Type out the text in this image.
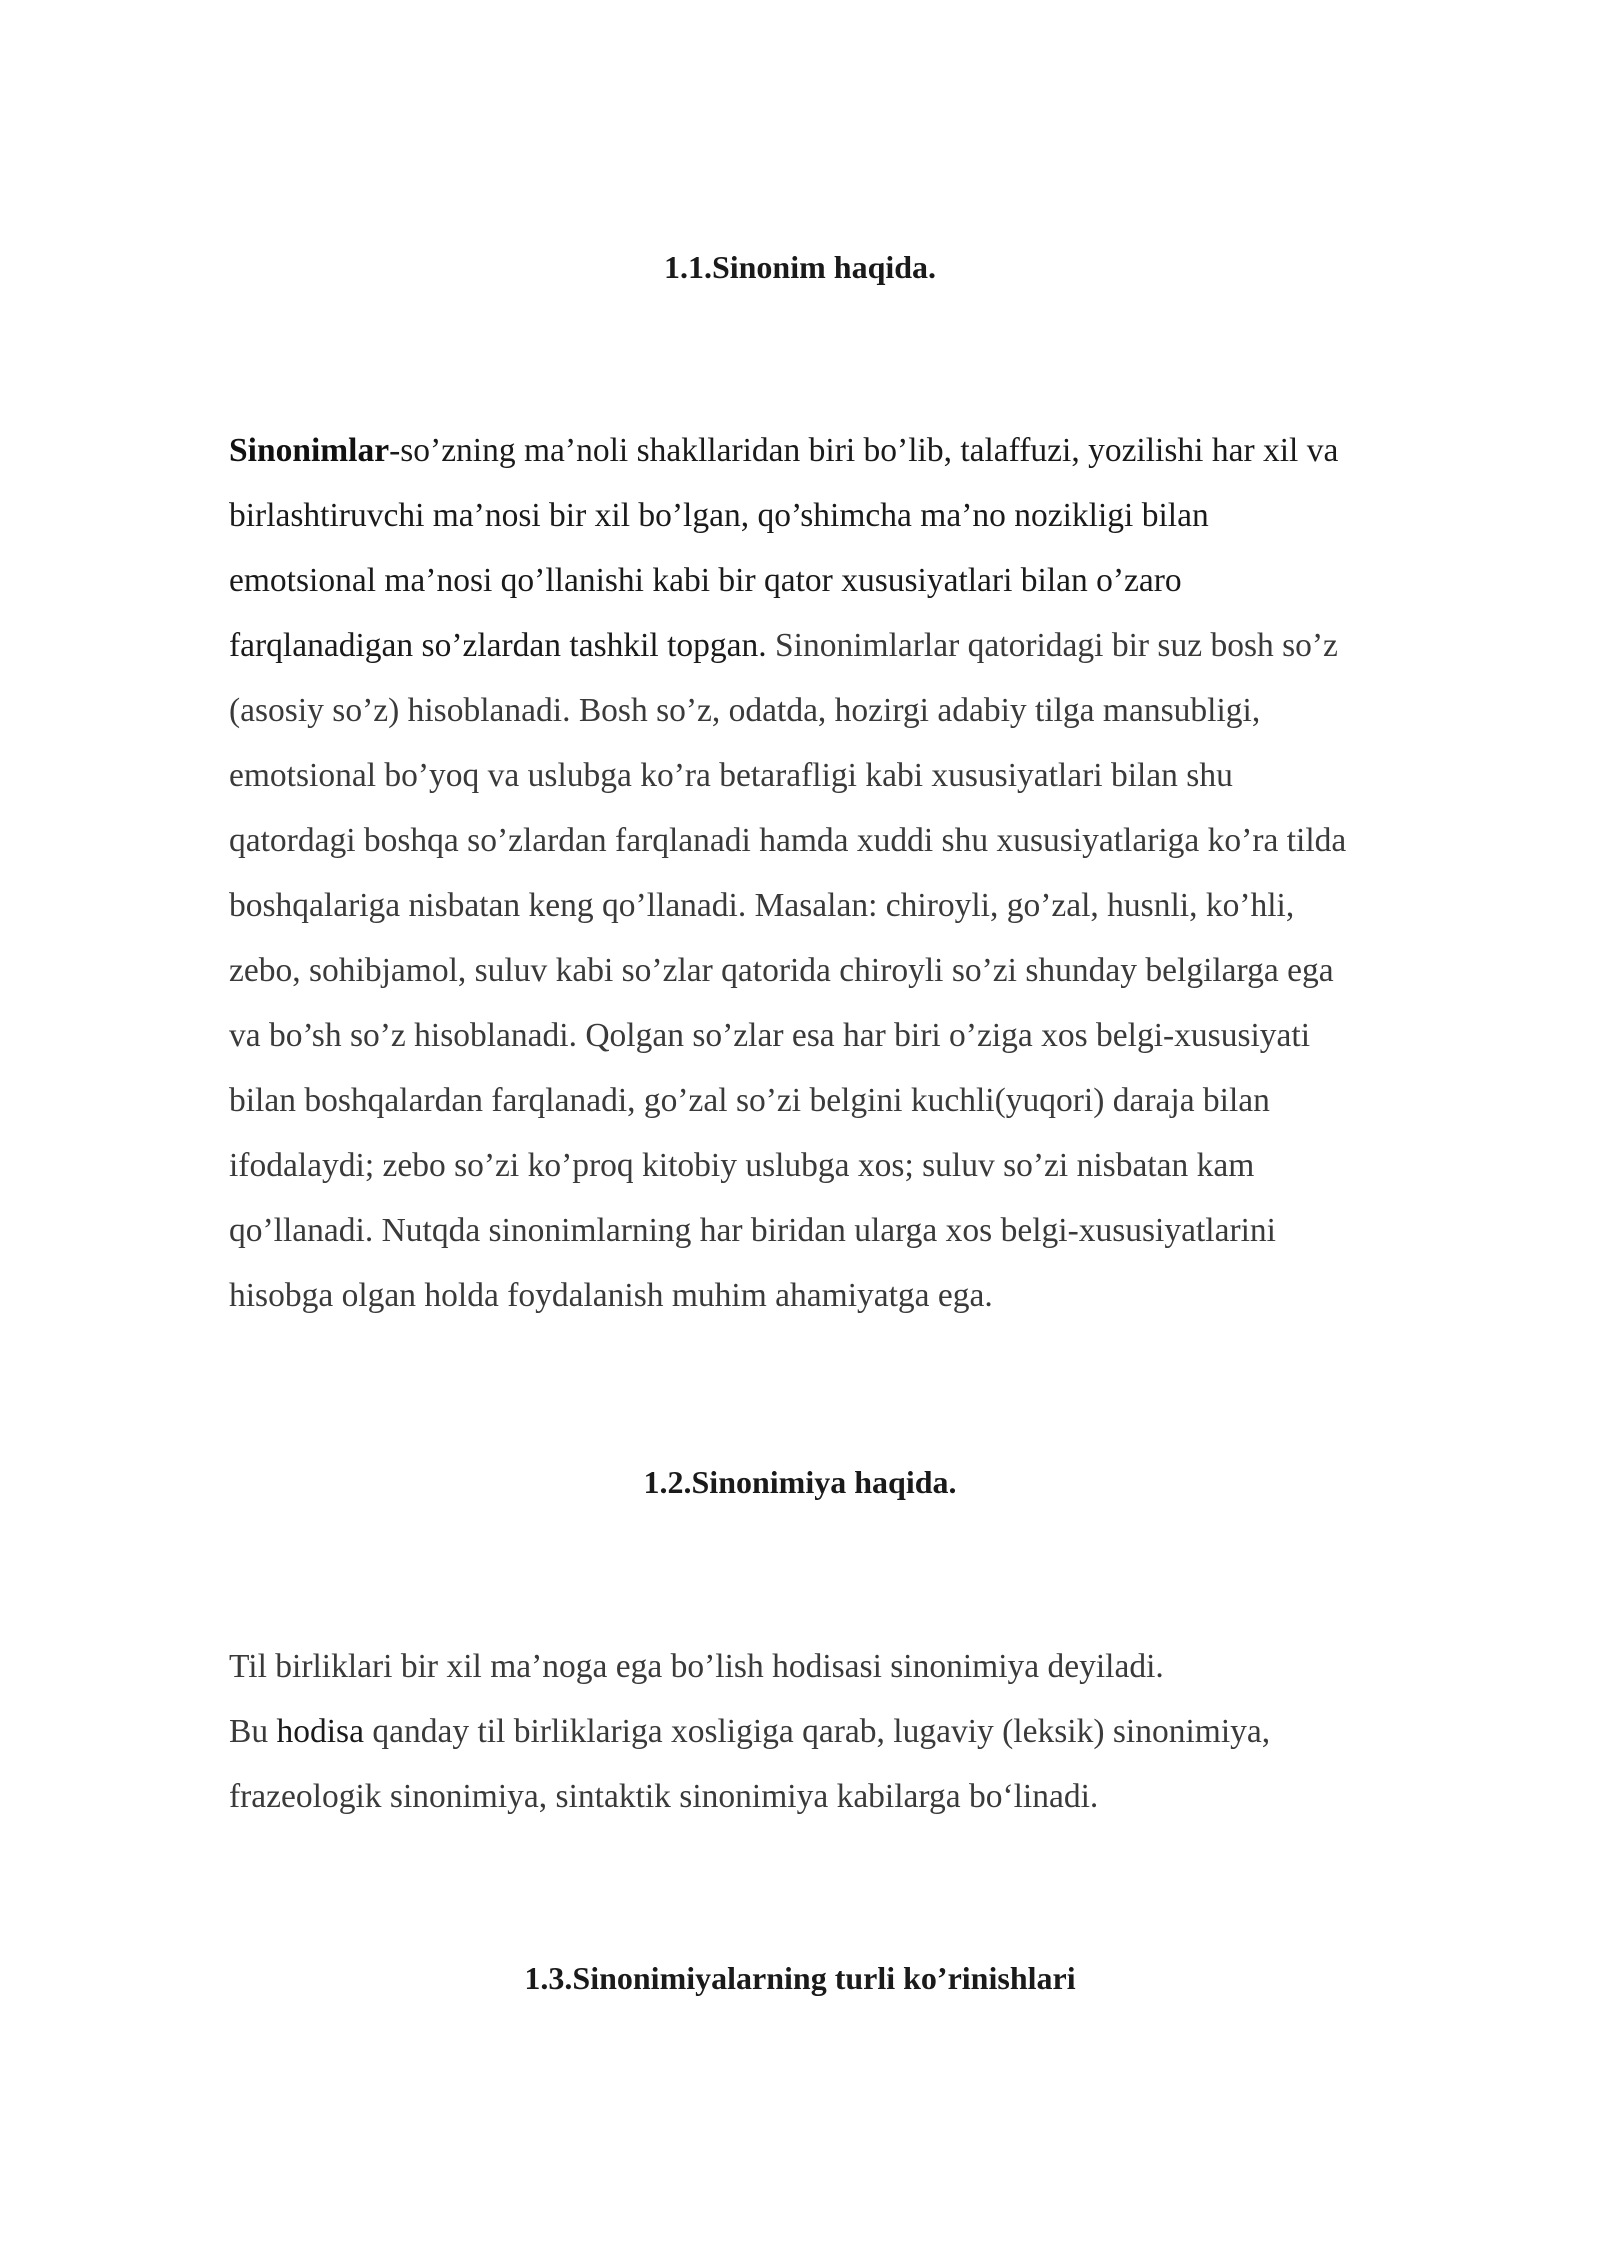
1.1.Sinonim haqida.
Sinonimlar-so’zning ma’noli shakllaridan biri bo’lib, talaffuzi, yozilishi har xil va
birlashtiruvchi ma’nosi bir xil bo’lgan, qo’shimcha ma’no nozikligi bilan
emotsional ma’nosi qo’llanishi kabi bir qator xususiyatlari bilan o’zaro
farqlanadigan so’zlardan tashkil topgan. Sinonimlarlar qatoridagi bir suz bosh so’z
(asosiy so’z) hisoblanadi. Bosh so’z, odatda, hozirgi adabiy tilga mansubligi,
emotsional bo’yoq va uslubga ko’ra betarafligi kabi xususiyatlari bilan shu
qatordagi boshqa so’zlardan farqlanadi hamda xuddi shu xususiyatlariga ko’ra tilda
boshqalariga nisbatan keng qo’llanadi. Masalan: chiroyli, go’zal, husnli, ko’hli,
zebo, sohibjamol, suluv kabi so’zlar qatorida chiroyli so’zi shunday belgilarga ega
va bo’sh so’z hisoblanadi. Qolgan so’zlar esa har biri o’ziga xos belgi-xususiyati
bilan boshqalardan farqlanadi, go’zal so’zi belgini kuchli(yuqori) daraja bilan
ifodalaydi; zebo so’zi ko’proq kitobiy uslubga xos; suluv so’zi nisbatan kam
qo’llanadi. Nutqda sinonimlarning har biridan ularga xos belgi-xususiyatlarini
hisobga olgan holda foydalanish muhim ahamiyatga ega.
1.2.Sinonimiya haqida.
Til birliklari bir xil ma’noga ega bo’lish hodisasi sinonimiya deyiladi.
Bu hodisa qanday til birliklariga xosligiga qarab, lugaviy (leksik) sinonimiya,
frazeologik sinonimiya, sintaktik sinonimiya kabilarga bo‘linadi.
1.3.Sinonimiyalarning turli ko’rinishlari
